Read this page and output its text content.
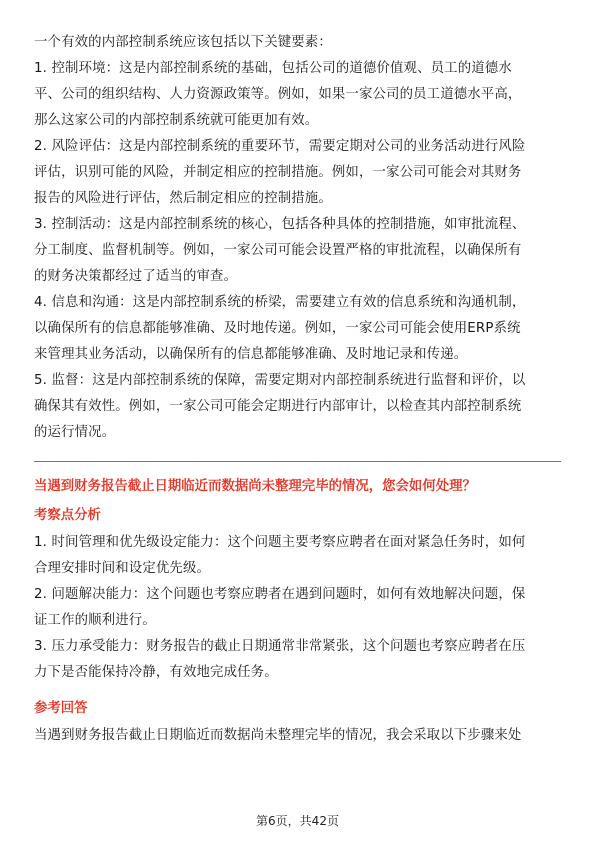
一个有效的内部控制系统应该包括以下关键要素：

1. 控制环境：这是内部控制系统的基础，包括公司的道德价值观、员工的道德水

平、公司的组织结构、人力资源政策等。例如，如果一家公司的员工道德水平高，

那么这家公司的内部控制系统就可能更加有效。

2. 风险评估：这是内部控制系统的重要环节，需要定期对公司的业务活动进行风险

评估，识别可能的风险，并制定相应的控制措施。例如，一家公司可能会对其财务

报告的风险进行评估，然后制定相应的控制措施。

3. 控制活动：这是内部控制系统的核心，包括各种具体的控制措施，如审批流程、

分工制度、监督机制等。例如，一家公司可能会设置严格的审批流程，以确保所有

的财务决策都经过了适当的审查。

4. 信息和沟通：这是内部控制系统的桥梁，需要建立有效的信息系统和沟通机制，

以确保所有的信息都能够准确、及时地传递。例如，一家公司可能会使用ERP系统

来管理其业务活动，以确保所有的信息都能够准确、及时地记录和传递。

5. 监督：这是内部控制系统的保障，需要定期对内部控制系统进行监督和评价，以

确保其有效性。例如，一家公司可能会定期进行内部审计，以检查其内部控制系统

的运行情况。

当遇到财务报告截止日期临近而数据尚未整理完毕的情况，您会如何处理？

考察点分析

1. 时间管理和优先级设定能力：这个问题主要考察应聘者在面对紧急任务时，如何

合理安排时间和设定优先级。

2. 问题解决能力：这个问题也考察应聘者在遇到问题时，如何有效地解决问题，保

证工作的顺利进行。

3. 压力承受能力：财务报告的截止日期通常非常紧张，这个问题也考察应聘者在压

力下是否能保持冷静，有效地完成任务。

参考回答

当遇到财务报告截止日期临近而数据尚未整理完毕的情况，我会采取以下步骤来处

第6页，共42页
